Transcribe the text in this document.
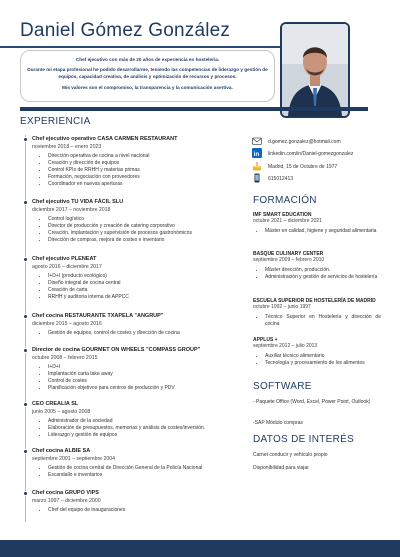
Daniel Gómez González

Chef ejecutivo con más de 20 años de experiencia en hostelería.

Durante mi etapa profesional he podido desarrollarme, teniendo las competencias de liderazgo y gestión de equipos, capacidad creativa, de análisis y optimización de recursos y procesos.

Mis valores son el compromiso, la transparencia y la comunicación asertiva.

EXPERIENCIA
Chef ejecutivo operativo CASA CARMEN RESTAURANT
noviembre 2018 – enero 2023
• Dirección operativa de cocina a nivel nacional
• Creación y dirección de equipos
• Control KPIs de RRHH y materias primas
• Formación, negociación con proveedores
• Coordinador en nuevas aperturas
Chef ejecutivo TU VIDA FÁCIL SLU
diciembre 2017 – noviembre 2018
• Control logístico
• Director de producción y creación de catering corporativo
• Creación, implantación y supervisión de procesos gastronómicos
• Dirección de compras, mejora de costes e inventario
Chef ejecutivo PLENEAT
agosto 2016 – diciembre 2017
• I+D+I (producto ecológico)
• Diseño integral de cocina central
• Creación de carta
• RRHH y auditoria interna de APPCC
Chef cocina RESTAURANTE TXAPELA "ANGRUP"
diciembre 2015 – agosto 2016
• Gestión de equipos, control de costes y dirección de cocina
Director de cocina GOURMET ON WHEELS "COMPASS GROUP"
octubre 2008 – febrero 2015
• I+D+I
• Implantación carta take away
• Control de costes
• Planificación objetivos para centros de producción y PDV
CEO CREALIA SL
junio 2005 – agosto 2008
• Administrador de la sociedad
• Elaboración de presupuestos, memorias y análisis de costes/inversión.
• Liderazgo y gestión de equipos
Chef cocina ALBIE SA
septiembre 2001 – septiembre 2004
• Gestión de cocina central de Dirección General de la Policía Nacional
• Escandallo e inventarios
Chef cocina GRUPO VIPS
marzo 1997 – diciembre 2000
• Chef del equipo de inauguraciones
d.gomez.gonzalez@hotmail.com
in linkedin.com/in/Daniel-gomezgonzalez
Madrid, 15 de Octubre de 1977
615012413
FORMACIÓN
IMF SMART EDUCATION
octubre 2021 – diciembre 2021
• Máster en calidad, higiene y seguridad alimentaria
BASQUE CULINARY CENTER
septiembre 2009 – febrero 2010
• Máster dirección, producción.
• Administración y gestión de servicios de hostelería
ESCUELA SUPERIOR DE HOSTELERÍA DE MADRID
octubre 1992 – junio 1997
• Técnico Superior en Hostelería y dirección de cocina
APPLUS +
septiembre 2012 – julio 2013
• Auxiliar técnico alimentario
• Tecnología y procesamiento de los alimentos
SOFTWARE
- Paquete Office (Word, Excel, Power Point, Outlook)
-SAP Módulo compras
DATOS DE INTERÉS
Carnet conducir y vehículo propio
Disponibilidad para viajar
